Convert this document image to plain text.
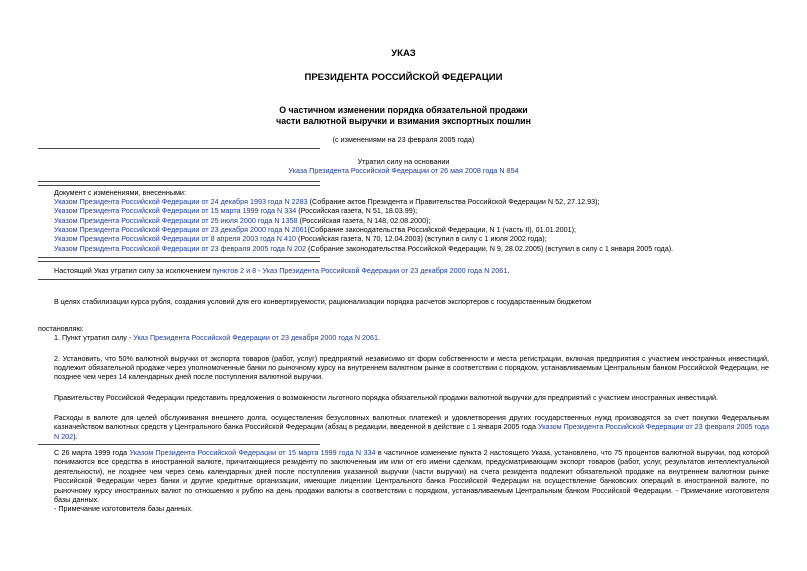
УКАЗ
ПРЕЗИДЕНТА РОССИЙСКОЙ ФЕДЕРАЦИИ
О частичном изменении порядка обязательной продажи
части валютной выручки и взимания экспортных пошлин
(с изменениями на 23 февраля 2005 года)
Утратил силу на основании
Указа Президента Российской Федерации от 26 мая 2008 года N 854
Документ с изменениями, внесенными:
Указом Президента Российской Федерации от 24 декабря 1993 года N 2283 (Собрание актов Президента и Правительства Российской Федерации N 52, 27.12.93);
Указом Президента Российской Федерации от 15 марта 1999 года N 334 (Российская газета, N 51, 18.03.99);
Указом Президента Российской Федерации от 25 июля 2000 года N 1358 (Российская газета, N 148, 02.08.2000);
Указом Президента Российской Федерации от 23 декабря 2000 года N 2061(Собрание законодательства Российской Федерации, N 1 (часть II), 01.01.2001);
Указом Президента Российской Федерации от 8 апреля 2003 года N 410 (Российская газета, N 70, 12.04.2003) (вступил в силу с 1 июля 2002 года);
Указом Президента Российской Федерации от 23 февраля 2005 года N 202 (Собрание законодательства Российской Федерации, N 9, 28.02.2005) (вступил в силу с 1 января 2005 года).
Настоящий Указ утратил силу за исключением пунктов 2 и 8 - Указ Президента Российской Федерации от 23 декабря 2000 года N 2061.
В целях стабилизации курса рубля, создания условий для его конвертируемости, рационализации порядка расчетов экспортеров с государственным бюджетом
постановляю:
1. Пункт утратил силу - Указ Президента Российской Федерации от 23 декабря 2000 года N 2061.
2. Установить, что 50% валютной выручки от экспорта товаров (работ, услуг) предприятий независимо от форм собственности и места регистрации, включая предприятия с участием иностранных инвестиций, подлежит обязательной продаже через уполномоченные банки по рыночному курсу на внутреннем валютном рынке в соответствии с порядком, устанавливаемым Центральным банком Российской Федерации, не позднее чем через 14 календарных дней после поступления валютной выручки.
Правительству Российской Федерации представить предложения о возможности льготного порядка обязательной продажи валютной выручки для предприятий с участием иностранных инвестиций.
Расходы в валюте для целей обслуживания внешнего долга, осуществления безусловных валютных платежей и удовлетворения других государственных нужд производятся за счет покупки Федеральным казначейством валютных средств у Центрального банка Российской Федерации (абзац в редакции, введенной в действие с 1 января 2005 года Указом Президента Российской Федерации от 23 февраля 2005 года N 202).
С 26 марта 1999 года Указом Президента Российской Федерации от 15 марта 1999 года N 334 в частичное изменение пункта 2 настоящего Указа, установлено, что 75 процентов валютной выручки, под которой понимаются все средства в иностранной валюте, причитающиеся резиденту по заключенным им или от его имени сделкам, предусматривающим экспорт товаров (работ, услуг, результатов интеллектуальной деятельности), не позднее чем через семь календарных дней после поступления указанной выручки (части выручки) на счета резидента подлежит обязательной продаже на внутреннем валютном рынке Российской Федерации через банки и другие кредитные организации, имеющие лицензии Центрального банка Российской Федерации на осуществление банковских операций в иностранной валюте, по рыночному курсу иностранных валют по отношению к рублю на день продажи валюты в соответствии с порядком, устанавливаемым Центральным банком Российской Федерации. - Примечание изготовителя базы данных.
- Примечание изготовителя базы данных.
